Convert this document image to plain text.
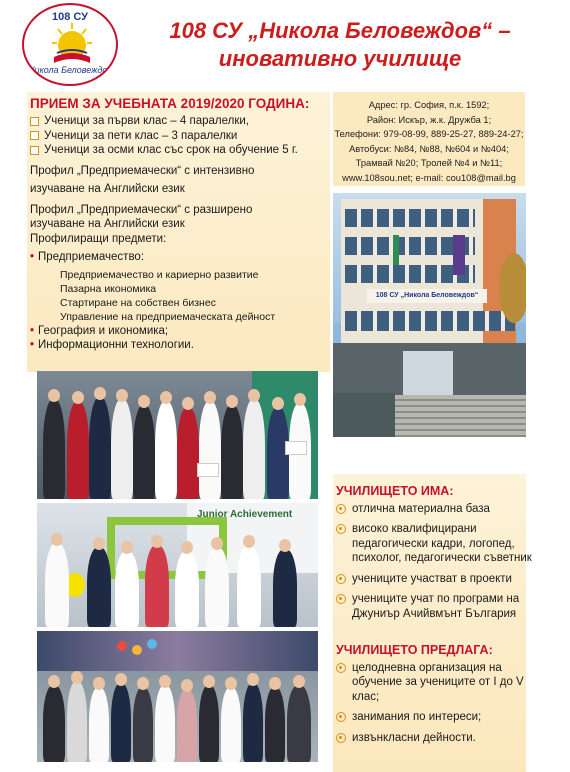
108 СУ
Никола Беловеждов
108 СУ „Никола Беловеждов“ –
иновативно училище
ПРИЕМ ЗА УЧЕБНАТА 2019/2020 ГОДИНА:
Ученици за първи клас – 4 паралелки,
Ученици за пети клас – 3 паралелки
Ученици за осми клас със срок на обучение 5 г.
Профил „Предприемачески“ с интензивно
изучаване на Английски език
Профил „Предприемачески“ с разширено
изучаване на Английски език
Профилиращи предмети:
• Предприемачество:
Предприемачество и кариерно развитие
Пазарна икономика
Стартиране на собствен бизнес
Управление на предприемаческата дейност
• География и икономика;
• Информационни технологии.
Адрес: гр. София, п.к. 1592;
Район: Искър, ж.к. Дружба 1;
Телефони: 979-08-99, 889-25-27, 889-24-27;
Автобуси: №84, №88, №604 и №404;
Трамвай №20; Тролей №4 и №11;
www.108sou.net; e-mail: cou108@mail.bg
108 СУ „Никола Беловеждов“
Junior Achievement
УЧИЛИЩЕТО ИМА:
отлична материална база
високо квалифицирани педагогически кадри, логопед, психолог, педагогически съветник
учениците участват в проекти
учениците учат по програми на Джуниър Ачийвмънт България
УЧИЛИЩЕТО ПРЕДЛАГА:
целодневна организация на обучение за учениците от I до V клас;
занимания по интереси;
извънкласни дейности.
